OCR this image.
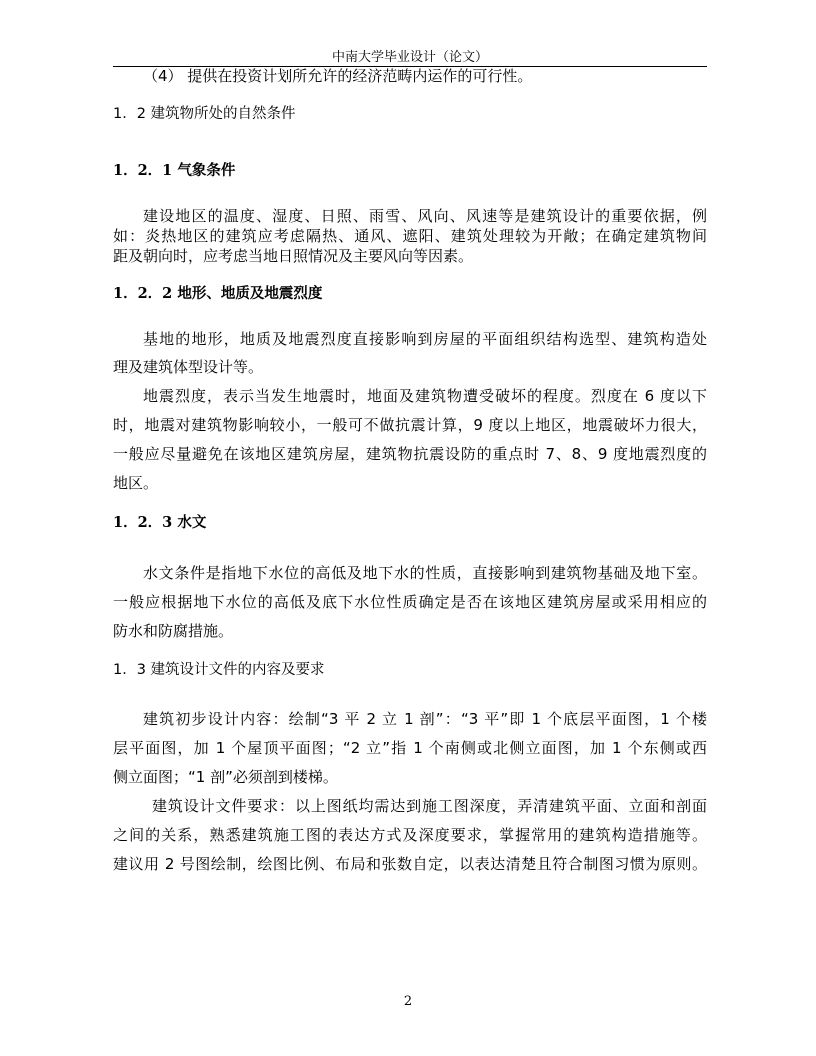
中南大学毕业设计（论文）
（4） 提供在投资计划所允许的经济范畴内运作的可行性。
1．2 建筑物所处的自然条件
1．2．1 气象条件
建设地区的温度、湿度、日照、雨雪、风向、风速等是建筑设计的重要依据，例
如：炎热地区的建筑应考虑隔热、通风、遮阳、建筑处理较为开敞；在确定建筑物间
距及朝向时，应考虑当地日照情况及主要风向等因素。
1．2．2 地形、地质及地震烈度
基地的地形，地质及地震烈度直接影响到房屋的平面组织结构选型、建筑构造处
理及建筑体型设计等。
地震烈度，表示当发生地震时，地面及建筑物遭受破坏的程度。烈度在 6 度以下
时，地震对建筑物影响较小，一般可不做抗震计算，9 度以上地区，地震破坏力很大，
一般应尽量避免在该地区建筑房屋，建筑物抗震设防的重点时 7、8、9 度地震烈度的
地区。
1．2．3 水文
水文条件是指地下水位的高低及地下水的性质，直接影响到建筑物基础及地下室。
一般应根据地下水位的高低及底下水位性质确定是否在该地区建筑房屋或采用相应的
防水和防腐措施。
1．3 建筑设计文件的内容及要求
建筑初步设计内容：绘制“3 平 2 立 1 剖”：“3 平”即 1 个底层平面图，1 个楼
层平面图，加 1 个屋顶平面图；“2 立”指 1 个南侧或北侧立面图，加 1 个东侧或西
侧立面图；“1 剖”必须剖到楼梯。
建筑设计文件要求：以上图纸均需达到施工图深度，弄清建筑平面、立面和剖面
之间的关系，熟悉建筑施工图的表达方式及深度要求，掌握常用的建筑构造措施等。
建议用 2 号图绘制，绘图比例、布局和张数自定，以表达清楚且符合制图习惯为原则。
2
